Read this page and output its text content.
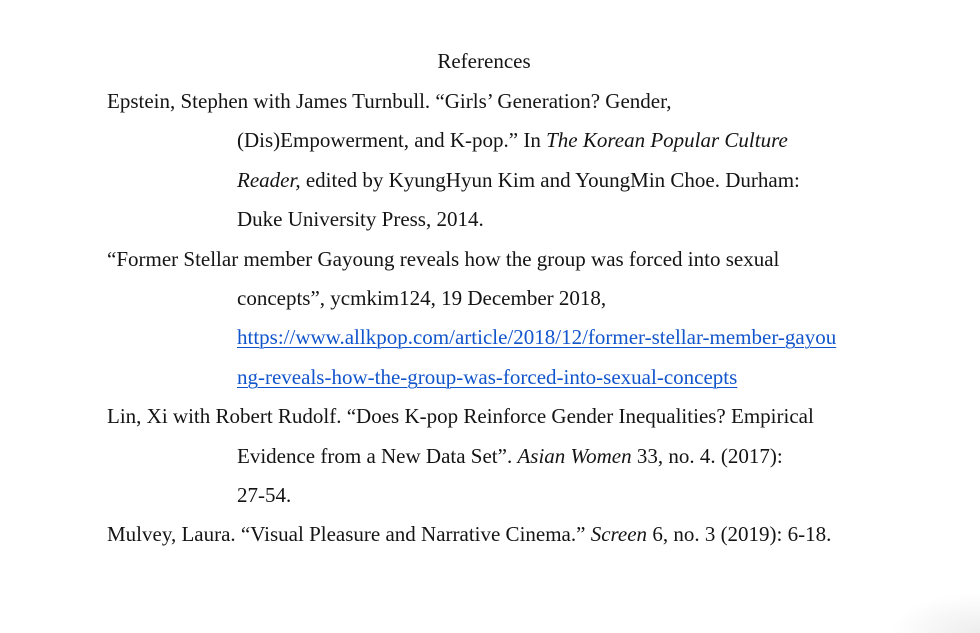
References
Epstein, Stephen with James Turnbull. “Girls’ Generation? Gender,
(Dis)Empowerment, and K-pop.” In The Korean Popular Culture
Reader, edited by KyungHyun Kim and YoungMin Choe. Durham:
Duke University Press, 2014.
“Former Stellar member Gayoung reveals how the group was forced into sexual
concepts”, ycmkim124, 19 December 2018,
https://www.allkpop.com/article/2018/12/former-stellar-member-gayou
ng-reveals-how-the-group-was-forced-into-sexual-concepts
Lin, Xi with Robert Rudolf. “Does K-pop Reinforce Gender Inequalities? Empirical
Evidence from a New Data Set”. Asian Women 33, no. 4. (2017):
27-54.
Mulvey, Laura. “Visual Pleasure and Narrative Cinema.” Screen 6, no. 3 (2019): 6-18.
